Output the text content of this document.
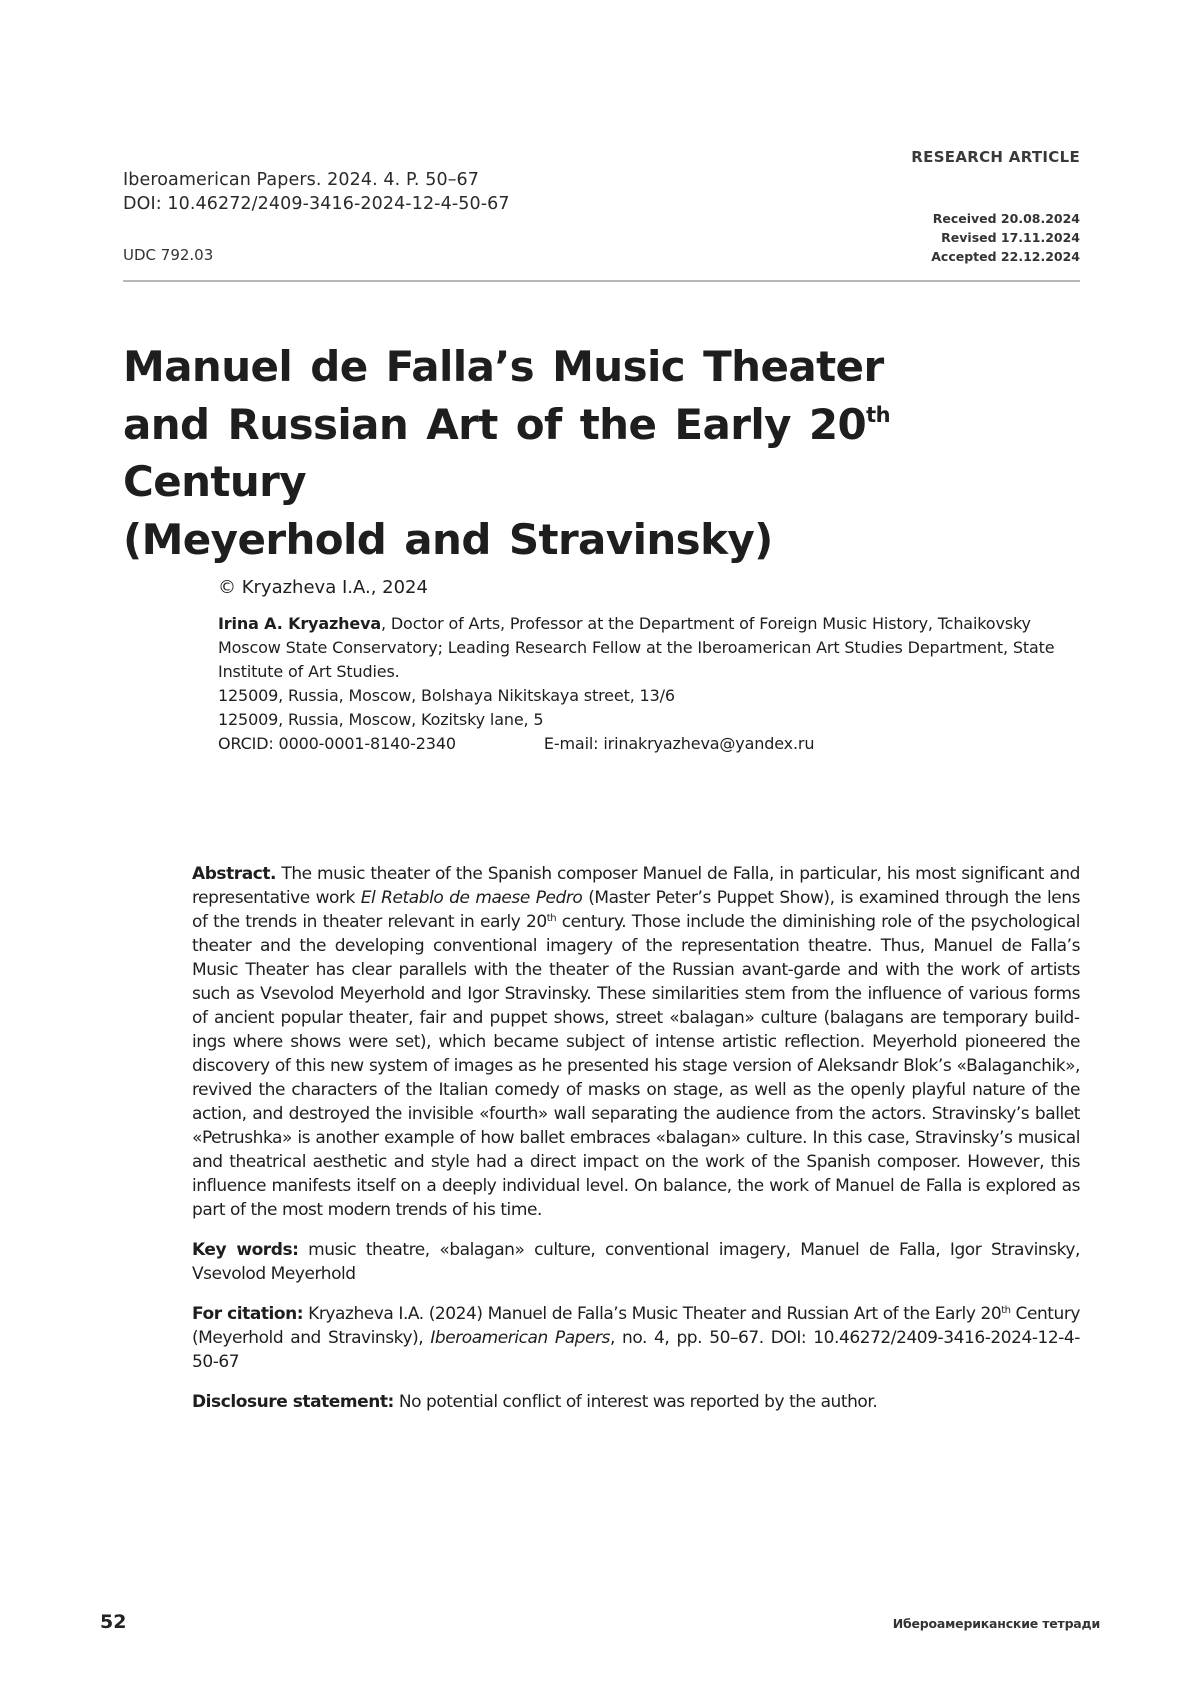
Iberoamerican Papers. 2024. 4. P. 50–67
DOI: 10.46272/2409-3416-2024-12-4-50-67
UDC 792.03
RESEARCH ARTICLE
Received 20.08.2024
Revised 17.11.2024
Accepted 22.12.2024
Manuel de Falla’s Music Theater
and Russian Art of the Early 20th Century
(Meyerhold and Stravinsky)
© Kryazheva I.A., 2024
Irina A. Kryazheva, Doctor of Arts, Professor at the Department of Foreign Music History, Tchaikovsky Moscow State Conservatory; Leading Research Fellow at the Iberoamerican Art Studies Department, State Institute of Art Studies.
125009, Russia, Moscow, Bolshaya Nikitskaya street, 13/6
125009, Russia, Moscow, Kozitsky lane, 5
ORCID: 0000-0001-8140-2340	E-mail: irinakryazheva@yandex.ru

Abstract. The music theater of the Spanish composer Manuel de Falla, in particular, his most significant and representative work El Retablo de maese Pedro (Master Peter’s Puppet Show), is examined through the lens of the trends in theater relevant in early 20th century. Those include the diminishing role of the psychological theater and the developing conventional imagery of the representation theatre. Thus, Manuel de Falla’s Music Theater has clear parallels with the theater of the Russian avant-garde and with the work of artists such as Vsevolod Meyerhold and Igor Stravinsky. These similarities stem from the influence of various forms of ancient popular theater, fair and puppet shows, street «balagan» culture (balagans are temporary buildings where shows were set), which became subject of intense artistic reflection. Meyerhold pioneered the discovery of this new system of images as he presented his stage version of Aleksandr Blok’s «Balaganchik», revived the characters of the Italian comedy of masks on stage, as well as the openly playful nature of the action, and destroyed the invisible «fourth» wall separating the audience from the actors. Stravinsky’s ballet «Petrushka» is another example of how ballet embraces «balagan» culture. In this case, Stravinsky’s musical and theatrical aesthetic and style had a direct impact on the work of the Spanish composer. However, this influence manifests itself on a deeply individual level. On balance, the work of Manuel de Falla is explored as part of the most modern trends of his time.

Key words: music theatre, «balagan» culture, conventional imagery, Manuel de Falla, Igor Stravinsky, Vsevolod Meyerhold

For citation: Kryazheva I.A. (2024) Manuel de Falla’s Music Theater and Russian Art of the Early 20th Century (Meyerhold and Stravinsky), Iberoamerican Papers, no. 4, pp. 50–67. DOI: 10.46272/2409-3416-2024-12-4-50-67

Disclosure statement: No potential conflict of interest was reported by the author.

52	Ибероамериканские тетради
